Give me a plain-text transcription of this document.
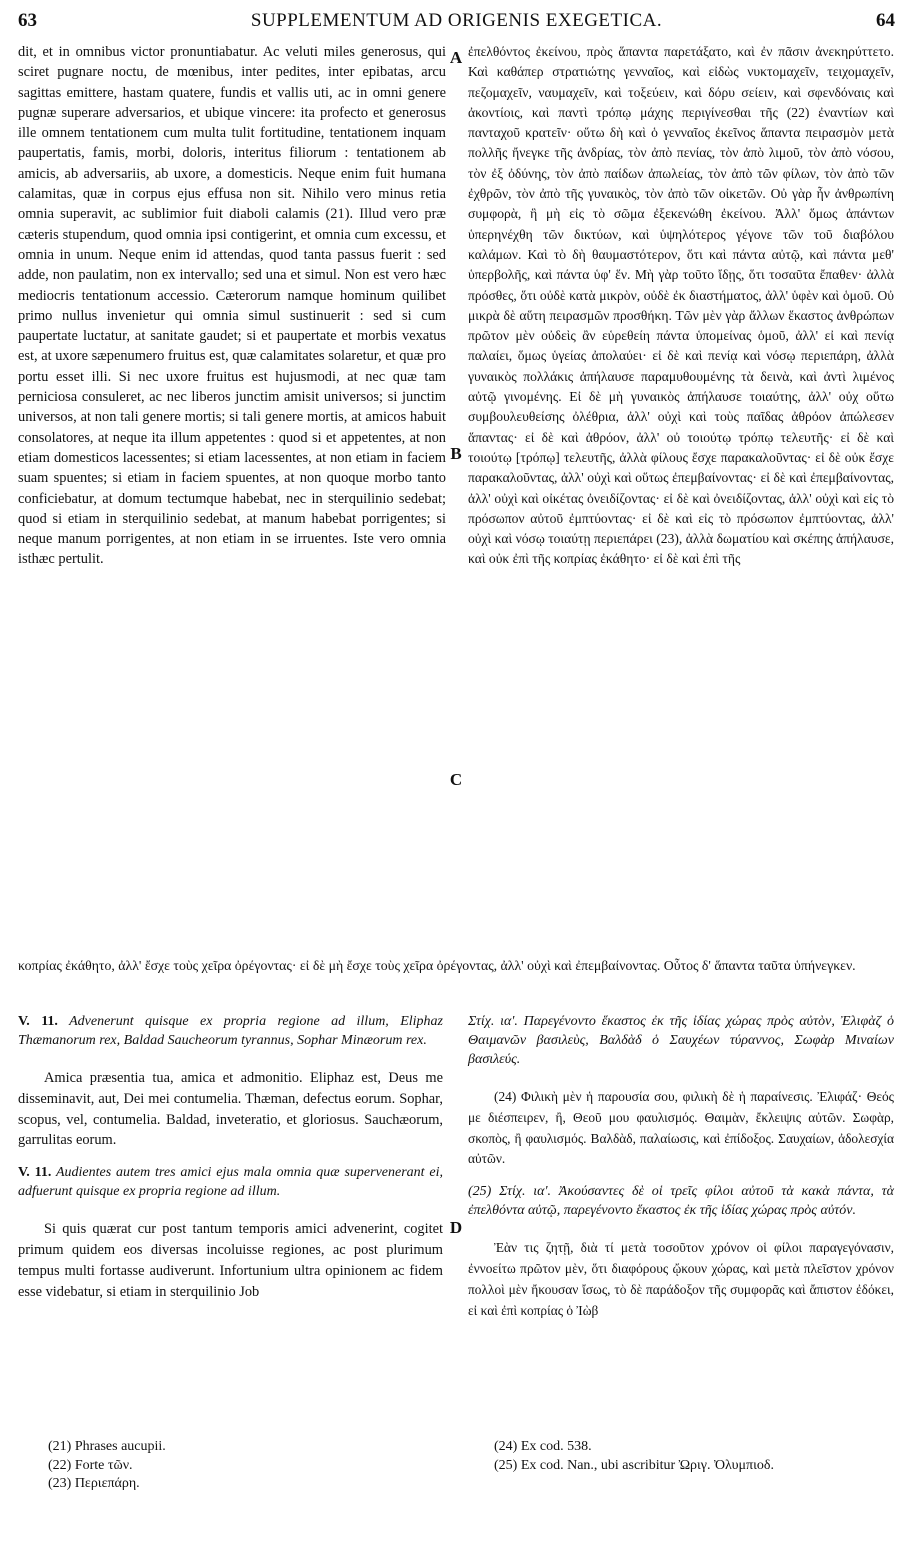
63	SUPPLEMENTUM AD ORIGENIS EXEGETICA.	64

dit, et in omnibus victor pronuntiabatur. Ac veluti miles generosus, qui sciret pugnare noctu, de mœnibus, inter pedites, inter epibatas, arcu sagittas emittere, hastam quatere, fundis et vallis uti, ac in omni genere pugnæ superare adversarios, et ubique vincere: ita profecto et generosus ille omnem tentationem cum multa tulit fortitudine, tentationem inquam paupertatis, famis, morbi, doloris, interitus filiorum : tentationem ab amicis, ab adversariis, ab uxore, a domesticis. Neque enim fuit humana calamitas, quæ in corpus ejus effusa non sit. Nihilo vero minus retia omnia superavit, ac sublimior fuit diaboli calamis (21). Illud vero præ cæteris stupendum, quod omnia ipsi contigerint, et omnia cum excessu, et omnia in unum. Neque enim id attendas, quod tanta passus fuerit : sed adde, non paulatim, non ex intervallo; sed una et simul. Non est vero hæc mediocris tentationum accessio. Cæterorum namque hominum quilibet primo nullus invenietur qui omnia simul sustinuerit : sed si cum paupertate luctatur, at sanitate gaudet; si et paupertate et morbis vexatus est, at uxore sæpenumero fruitus est, quæ calamitates solaretur, et quæ pro portu esset illi. Si nec uxore fruitus est hujusmodi, at nec quæ tam perniciosa consuleret, ac nec liberos junctim amisit universos; si junctim universos, at non tali genere mortis; si tali genere mortis, at amicos habuit consolatores, at neque ita illum appetentes : quod si et appetentes, at non etiam domesticos lacessentes; si etiam lacessentes, at non etiam in faciem suam spuentes; si etiam in faciem spuentes, at non quoque morbo tanto conficiebatur, at domum tectumque habebat, nec in sterquilinio sedebat; quod si etiam in sterquilinio sedebat, at manum habebat porrigentes; si neque manum porrigentes, at non etiam in se irruentes. Iste vero omnia isthæc pertulit.

A
B
C
D

ἐπελθόντος ἐκείνου, πρὸς ἅπαντα παρετάξατο, καὶ ἐν πᾶσιν ἀνεκηρύττετο. Καὶ καθάπερ στρατιώτης γενναῖος, καὶ εἰδὼς νυκτομαχεῖν, τειχομαχεῖν, πεζομαχεῖν, ναυμαχεῖν, καὶ τοξεύειν, καὶ δόρυ σείειν, καὶ σφενδόναις καὶ ἀκοντίοις, καὶ παντὶ τρόπῳ μάχης περιγίνεσθαι τῆς (22) ἐναντίων καὶ πανταχοῦ κρατεῖν· οὕτω δὴ καὶ ὁ γενναῖος ἐκεῖνος ἅπαντα πειρασμὸν μετὰ πολλῆς ἤνεγκε τῆς ἀνδρίας, τὸν ἀπὸ πενίας, τὸν ἀπὸ λιμοῦ, τὸν ἀπὸ νόσου, τὸν ἐξ ὀδύνης, τὸν ἀπὸ παίδων ἀπωλείας, τὸν ἀπὸ τῶν φίλων, τὸν ἀπὸ τῶν ἐχθρῶν, τὸν ἀπὸ τῆς γυναικὸς, τὸν ἀπὸ τῶν οἰκετῶν. Οὐ γὰρ ἦν ἀνθρωπίνη συμφορὰ, ἣ μὴ εἰς τὸ σῶμα ἐξεκενώθη ἐκείνου. Ἀλλ' ὅμως ἁπάντων ὑπερηνέχθη τῶν δικτύων, καὶ ὑψηλότερος γέγονε τῶν τοῦ διαβόλου καλάμων. Καὶ τὸ δὴ θαυμαστότερον, ὅτι καὶ πάντα αὐτῷ, καὶ πάντα μεθ' ὑπερβολῆς, καὶ πάντα ὑφ' ἕν. Μὴ γὰρ τοῦτο ἴδῃς, ὅτι τοσαῦτα ἔπαθεν· ἀλλὰ πρόσθες, ὅτι οὐδὲ κατὰ μικρὸν, οὐδὲ ἐκ διαστήματος, ἀλλ' ὑφὲν καὶ ὁμοῦ. Οὐ μικρὰ δὲ αὕτη πειρασμῶν προσθήκη. Τῶν μὲν γὰρ ἄλλων ἕκαστος ἀνθρώπων πρῶτον μὲν οὐδεὶς ἂν εὑρεθείη πάντα ὑπομείνας ὁμοῦ, ἀλλ' εἰ καὶ πενίᾳ παλαίει, ὅμως ὑγείας ἀπολαύει· εἰ δὲ καὶ πενίᾳ καὶ νόσῳ περιεπάρη, ἀλλὰ γυναικὸς πολλάκις ἀπήλαυσε παραμυθουμένης τὰ δεινὰ, καὶ ἀντὶ λιμένος αὐτῷ γινομένης. Εἰ δὲ μὴ γυναικὸς ἀπήλαυσε τοιαύτης, ἀλλ' οὐχ οὕτω συμβουλευθείσης ὀλέθρια, ἀλλ' οὐχὶ καὶ τοὺς παῖδας ἀθρόον ἀπώλεσεν ἅπαντας· εἰ δὲ καὶ ἀθρόον, ἀλλ' οὐ τοιούτῳ τρόπῳ τελευτῆς· εἰ δὲ καὶ τοιούτῳ [τρόπῳ] τελευτῆς, ἀλλὰ φίλους ἔσχε παρακαλοῦντας· εἰ δὲ οὐκ ἔσχε παρακαλοῦντας, ἀλλ' οὐχὶ καὶ οὕτως ἐπεμβαίνοντας· εἰ δὲ καὶ ἐπεμβαίνοντας, ἀλλ' οὐχὶ καὶ οἰκέτας ὀνειδίζοντας· εἰ δὲ καὶ ὀνειδίζοντας, ἀλλ' οὐχὶ καὶ εἰς τὸ πρόσωπον αὐτοῦ ἐμπτύοντας· εἰ δὲ καὶ εἰς τὸ πρόσωπον ἐμπτύοντας, ἀλλ' οὐχὶ καὶ νόσῳ τοιαύτῃ περιεπάρει (23), ἀλλὰ δωματίου καὶ σκέπης ἀπήλαυσε, καὶ οὐκ ἐπὶ τῆς κοπρίας ἐκάθητο· εἰ δὲ καὶ ἐπὶ τῆς

κοπρίας ἐκάθητο, ἀλλ' ἔσχε τοὺς χεῖρα ὀρέγοντας· εἰ δὲ μὴ ἔσχε τοὺς χεῖρα ὀρέγοντας, ἀλλ' οὐχὶ καὶ ἐπεμβαίνοντας. Οὗτος δ' ἅπαντα ταῦτα ὑπήνεγκεν.

V. 11. Advenerunt quisque ex propria regione ad illum, Eliphaz Thæmanorum rex, Baldad Saucheorum tyrannus, Sophar Minæorum rex.

Amica præsentia tua, amica et admonitio. Eliphaz est, Deus me disseminavit, aut, Dei mei contumelia. Thæman, defectus eorum. Sophar, scopus, vel, contumelia. Baldad, inveteratio, et gloriosus. Sauchæorum, garrulitas eorum.

V. 11. Audientes autem tres amici ejus mala omnia quæ supervenerant ei, adfuerunt quisque ex propria regione ad illum.

Si quis quærat cur post tantum temporis amici advenerint, cogitet primum quidem eos diversas incoluisse regiones, ac post plurimum tempus multi fortasse audiverunt. Infortunium ultra opinionem ac fidem esse videbatur, si etiam in sterquilinio Job

Στίχ. ια'. Παρεγένοντο ἕκαστος ἐκ τῆς ἰδίας χώρας πρὸς αὐτὸν, Ἐλιφὰζ ὁ Θαιμανῶν βασιλεὺς, Βαλδὰδ ὁ Σαυχέων τύραννος, Σωφὰρ Μιναίων βασιλεύς.

(24) Φιλικὴ μὲν ἡ παρουσία σου, φιλικὴ δὲ ἡ παραίνεσις. Ἐλιφάζ· Θεός με διέσπειρεν, ἢ, Θεοῦ μου φαυλισμός. Θαιμὰν, ἔκλειψις αὐτῶν. Σωφὰρ, σκοπὸς, ἢ φαυλισμός. Βαλδὰδ, παλαίωσις, καὶ ἐπίδοξος. Σαυχαίων, ἀδολεσχία αὐτῶν.

(25) Στίχ. ια'. Ἀκούσαντες δὲ οἱ τρεῖς φίλοι αὐτοῦ τὰ κακὰ πάντα, τὰ ἐπελθόντα αὐτῷ, παρεγένοντο ἕκαστος ἐκ τῆς ἰδίας χώρας πρὸς αὐτόν.

Ἐὰν τις ζητῇ, διὰ τί μετὰ τοσοῦτον χρόνον οἱ φίλοι παραγεγόνασιν, ἐννοείτω πρῶτον μὲν, ὅτι διαφόρους ᾤκουν χώρας, καὶ μετὰ πλεῖστον χρόνον πολλοὶ μὲν ἤκουσαν ἴσως, τὸ δὲ παράδοξον τῆς συμφορᾶς καὶ ἄπιστον ἐδόκει, εἰ καὶ ἐπὶ κοπρίας ὁ Ἰὼβ

(21) Phrases aucupii.
(22) Forte τῶν.
(23) Περιεπάρη.
(24) Ex cod. 538.
(25) Ex cod. Nan., ubi ascribitur Ὠριγ. Ὀλυμπιοδ.
